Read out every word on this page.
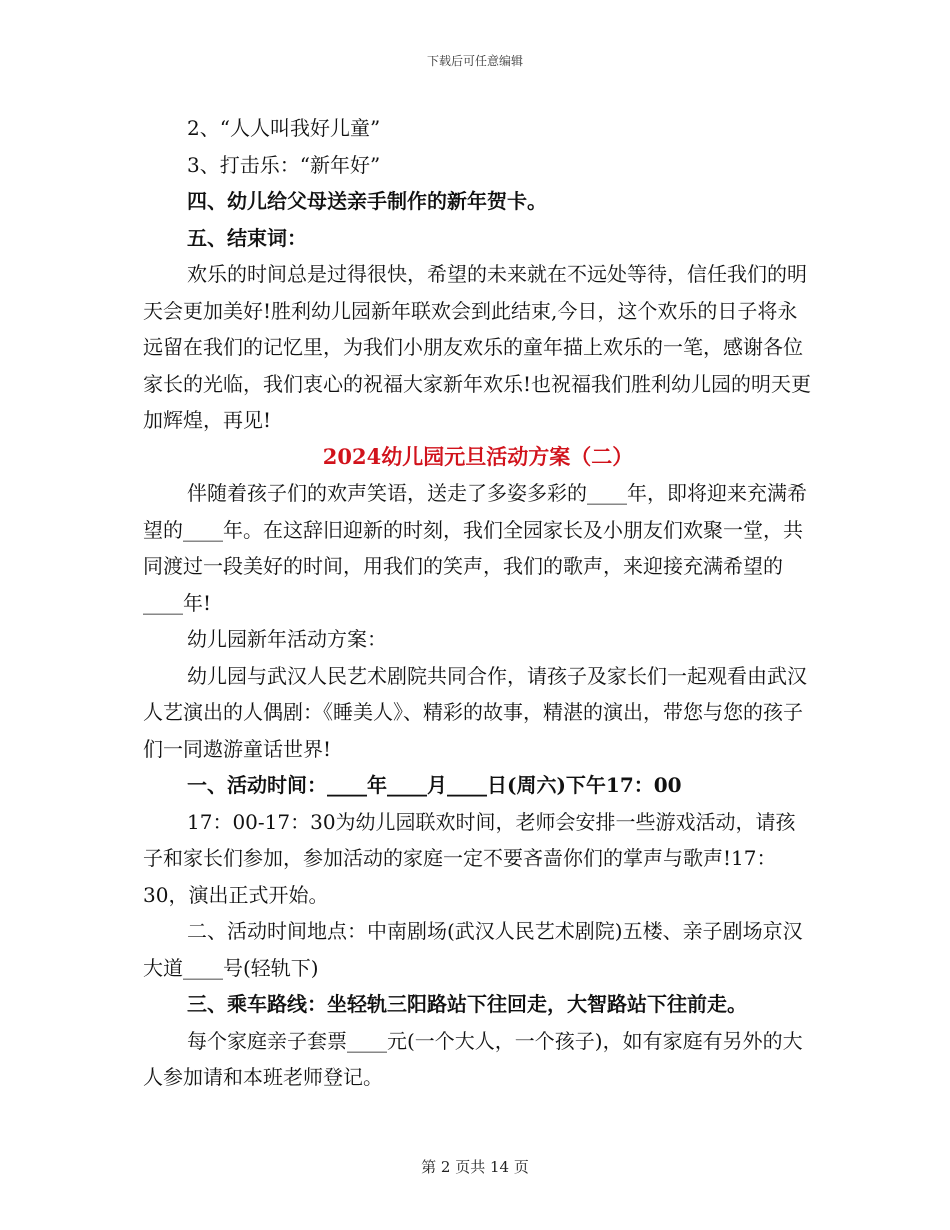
下载后可任意编辑

2、“人人叫我好儿童”

3、打击乐：“新年好”

四、幼儿给父母送亲手制作的新年贺卡。

五、结束词：

欢乐的时间总是过得很快，希望的未来就在不远处等待，信任我们的明天会更加美好!胜利幼儿园新年联欢会到此结束,今日，这个欢乐的日子将永远留在我们的记忆里，为我们小朋友欢乐的童年描上欢乐的一笔，感谢各位家长的光临，我们衷心的祝福大家新年欢乐!也祝福我们胜利幼儿园的明天更加辉煌，再见!

2024幼儿园元旦活动方案（二）

伴随着孩子们的欢声笑语，送走了多姿多彩的____年，即将迎来充满希望的____年。在这辞旧迎新的时刻，我们全园家长及小朋友们欢聚一堂，共同渡过一段美好的时间，用我们的笑声，我们的歌声，来迎接充满希望的____年!

幼儿园新年活动方案：

幼儿园与武汉人民艺术剧院共同合作，请孩子及家长们一起观看由武汉人艺演出的人偶剧：《睡美人》、精彩的故事，精湛的演出，带您与您的孩子们一同遨游童话世界!

一、活动时间：____年____月____日(周六)下午17：00

17：00-17：30为幼儿园联欢时间，老师会安排一些游戏活动，请孩子和家长们参加，参加活动的家庭一定不要吝啬你们的掌声与歌声!17：30，演出正式开始。

二、活动时间地点：中南剧场(武汉人民艺术剧院)五楼、亲子剧场京汉大道____号(轻轨下)

三、乘车路线：坐轻轨三阳路站下往回走，大智路站下往前走。

每个家庭亲子套票____元(一个大人，一个孩子)，如有家庭有另外的大人参加请和本班老师登记。

第 2 页共 14 页
